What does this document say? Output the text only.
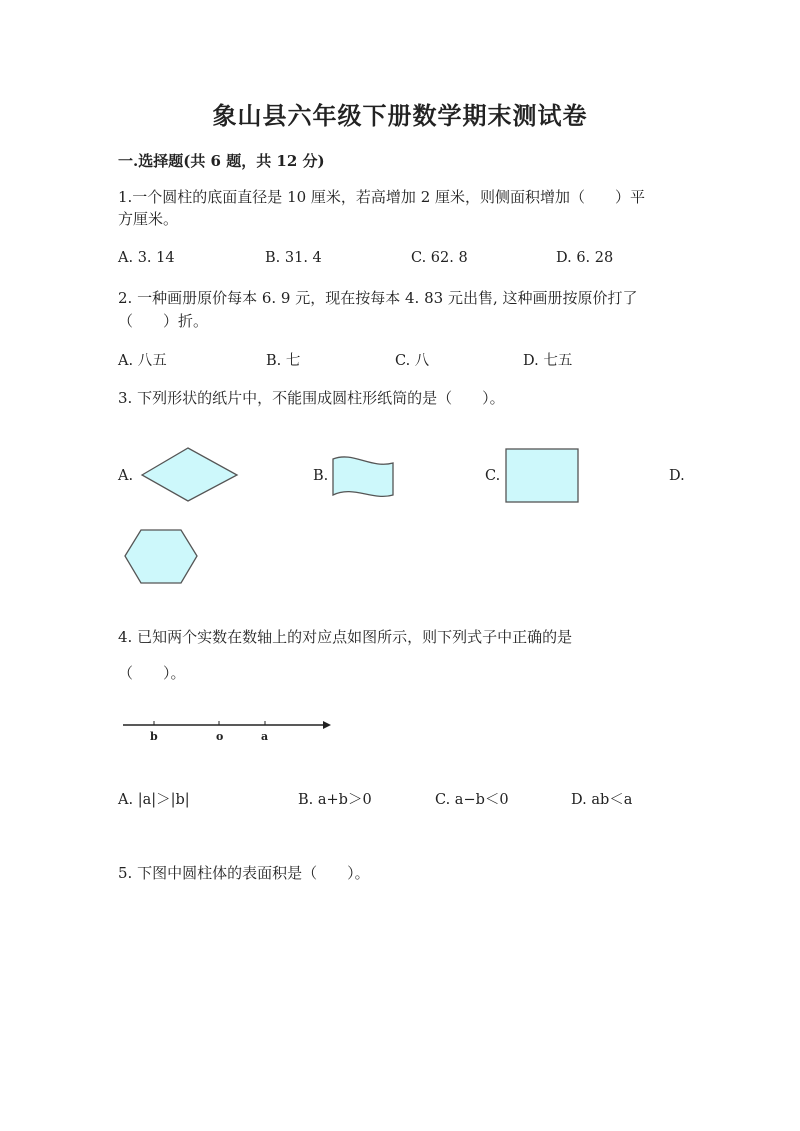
象山县六年级下册数学期末测试卷
一.选择题(共 6 题，共 12 分)
1.一个圆柱的底面直径是 10 厘米，若高增加 2 厘米，则侧面积增加（　　）平
方厘米。
A. 3. 14	B. 31. 4	C. 62. 8	D. 6. 28
2. 一种画册原价每本 6. 9 元，现在按每本 4. 83 元出售, 这种画册按原价打了
（　　）折。
A. 八五	B. 七	C. 八	D. 七五
3. 下列形状的纸片中，不能围成圆柱形纸筒的是（　　）。
A.	B.	C.	D.
4. 已知两个实数在数轴上的对应点如图所示，则下列式子中正确的是
（　　）。
b	o	a
A. |a|＞|b|	B. a+b＞0	C. a−b＜0	D. ab＜a
5. 下图中圆柱体的表面积是（　　）。
